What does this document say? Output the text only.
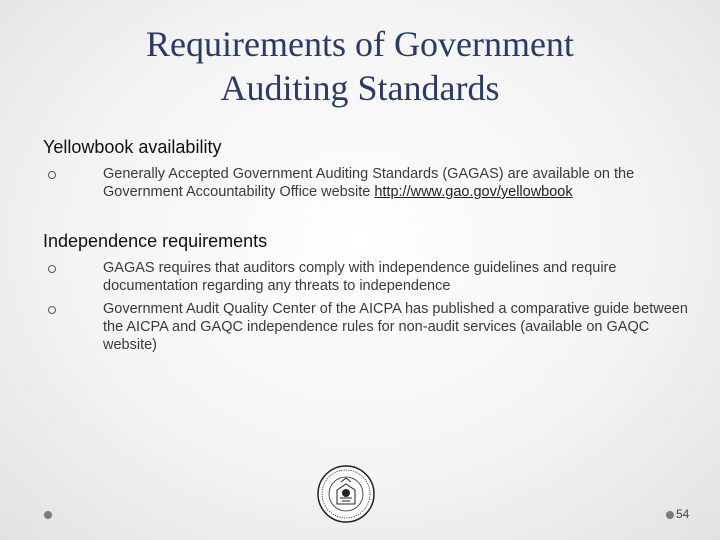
Requirements of Government
Auditing Standards
Yellowbook availability
Generally Accepted Government Auditing Standards (GAGAS) are available on the Government Accountability Office website http://www.gao.gov/yellowbook
Independence requirements
GAGAS requires that auditors comply with independence guidelines and require documentation regarding any threats to independence
Government Audit Quality Center of the AICPA has published a comparative guide between the AICPA and GAQC independence rules for non-audit services (available on GAQC website)
54
